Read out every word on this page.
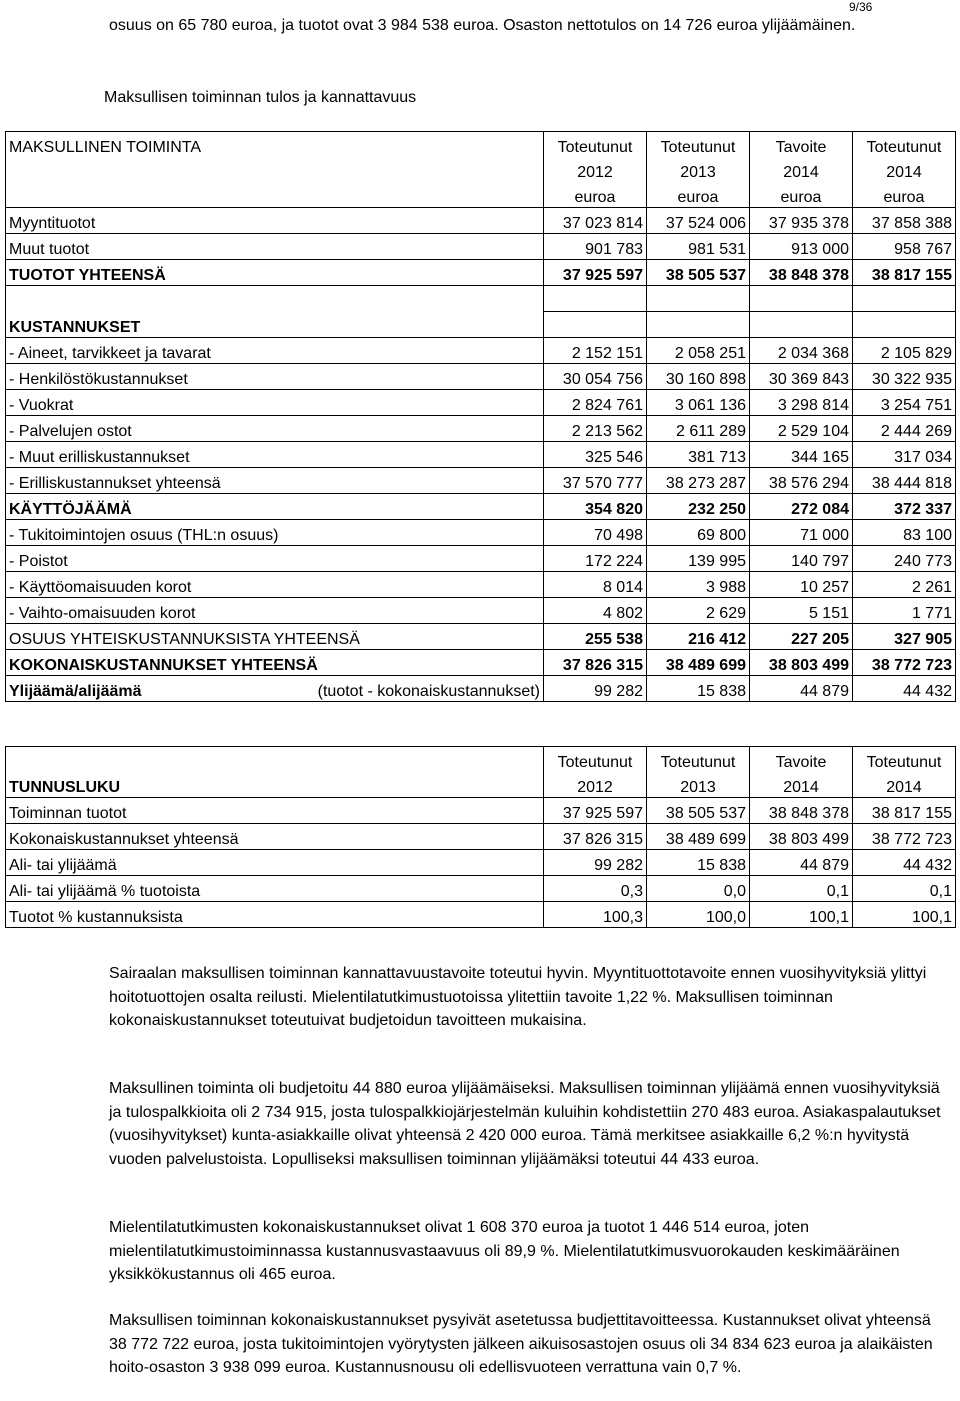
9/36

osuus on 65 780 euroa, ja tuotot ovat 3 984 538 euroa. Osaston nettotulos on 14 726 euroa ylijäämäinen.

Maksullisen toiminnan tulos ja kannattavuus

MAKSULLINEN TOIMINTA	Toteutunut	Toteutunut	Tavoite	Toteutunut
	2012	2013	2014	2014
	euroa	euroa	euroa	euroa
Myyntituotot	37 023 814	37 524 006	37 935 378	37 858 388
Muut tuotot	901 783	981 531	913 000	958 767
TUOTOT YHTEENSÄ	37 925 597	38 505 537	38 848 378	38 817 155

KUSTANNUKSET				
- Aineet, tarvikkeet ja tavarat	2 152 151	2 058 251	2 034 368	2 105 829
- Henkilöstökustannukset	30 054 756	30 160 898	30 369 843	30 322 935
- Vuokrat	2 824 761	3 061 136	3 298 814	3 254 751
- Palvelujen ostot	2 213 562	2 611 289	2 529 104	2 444 269
- Muut erilliskustannukset	325 546	381 713	344 165	317 034
- Erilliskustannukset yhteensä	37 570 777	38 273 287	38 576 294	38 444 818
KÄYTTÖJÄÄMÄ	354 820	232 250	272 084	372 337
- Tukitoimintojen osuus (THL:n osuus)	70 498	69 800	71 000	83 100
- Poistot	172 224	139 995	140 797	240 773
- Käyttöomaisuuden korot	8 014	3 988	10 257	2 261
- Vaihto-omaisuuden korot	4 802	2 629	5 151	1 771
OSUUS YHTEISKUSTANNUKSISTA YHTEENSÄ	255 538	216 412	227 205	327 905
KOKONAISKUSTANNUKSET YHTEENSÄ	37 826 315	38 489 699	38 803 499	38 772 723

Ylijäämä/alijäämä (tuotot - kokonaiskustannukset)	99 282	15 838	44 879	44 432
	Toteutunut	Toteutunut	Tavoite	Toteutunut
TUNNUSLUKU	2012	2013	2014	2014
Toiminnan tuotot	37 925 597	38 505 537	38 848 378	38 817 155
Kokonaiskustannukset yhteensä	37 826 315	38 489 699	38 803 499	38 772 723
Ali- tai ylijäämä	99 282	15 838	44 879	44 432
Ali- tai ylijäämä % tuotoista	0,3	0,0	0,1	0,1
Tuotot % kustannuksista	100,3	100,0	100,1	100,1

Sairaalan maksullisen toiminnan kannattavuustavoite toteutui hyvin. Myyntituottotavoite ennen vuosihyvityksiä ylittyi hoitotuottojen osalta reilusti. Mielentilatutkimustuotoissa ylitettiin tavoite 1,22 %. Maksullisen toiminnan kokonaiskustannukset toteutuivat budjetoidun tavoitteen mukaisina.

Maksullinen toiminta oli budjetoitu 44 880 euroa ylijäämäiseksi. Maksullisen toiminnan ylijäämä ennen vuosihyvityksiä ja tulospalkkioita oli 2 734 915, josta tulospalkkiojärjestelmän kuluihin kohdistettiin 270 483 euroa. Asiakaspalautukset (vuosihyvitykset) kunta-asiakkaille olivat yhteensä 2 420 000 euroa. Tämä merkitsee asiakkaille 6,2 %:n hyvitystä vuoden palvelustoista. Lopulliseksi maksullisen toiminnan ylijäämäksi toteutui 44 433 euroa.

Mielentilatutkimusten kokonaiskustannukset olivat 1 608 370 euroa ja tuotot 1 446 514 euroa, joten mielentilatutkimustoiminnassa kustannusvastaavuus oli 89,9 %. Mielentilatutkimusvuorokauden keskimääräinen yksikkökustannus oli 465 euroa.

Maksullisen toiminnan kokonaiskustannukset pysyivät asetetussa budjettitavoitteessa. Kustannukset olivat yhteensä 38 772 722 euroa, josta tukitoimintojen vyörytysten jälkeen aikuisosastojen osuus oli 34 834 623 euroa ja alaikäisten hoito-osaston 3 938 099 euroa. Kustannusnousu oli edellisvuoteen verrattuna vain 0,7 %.
